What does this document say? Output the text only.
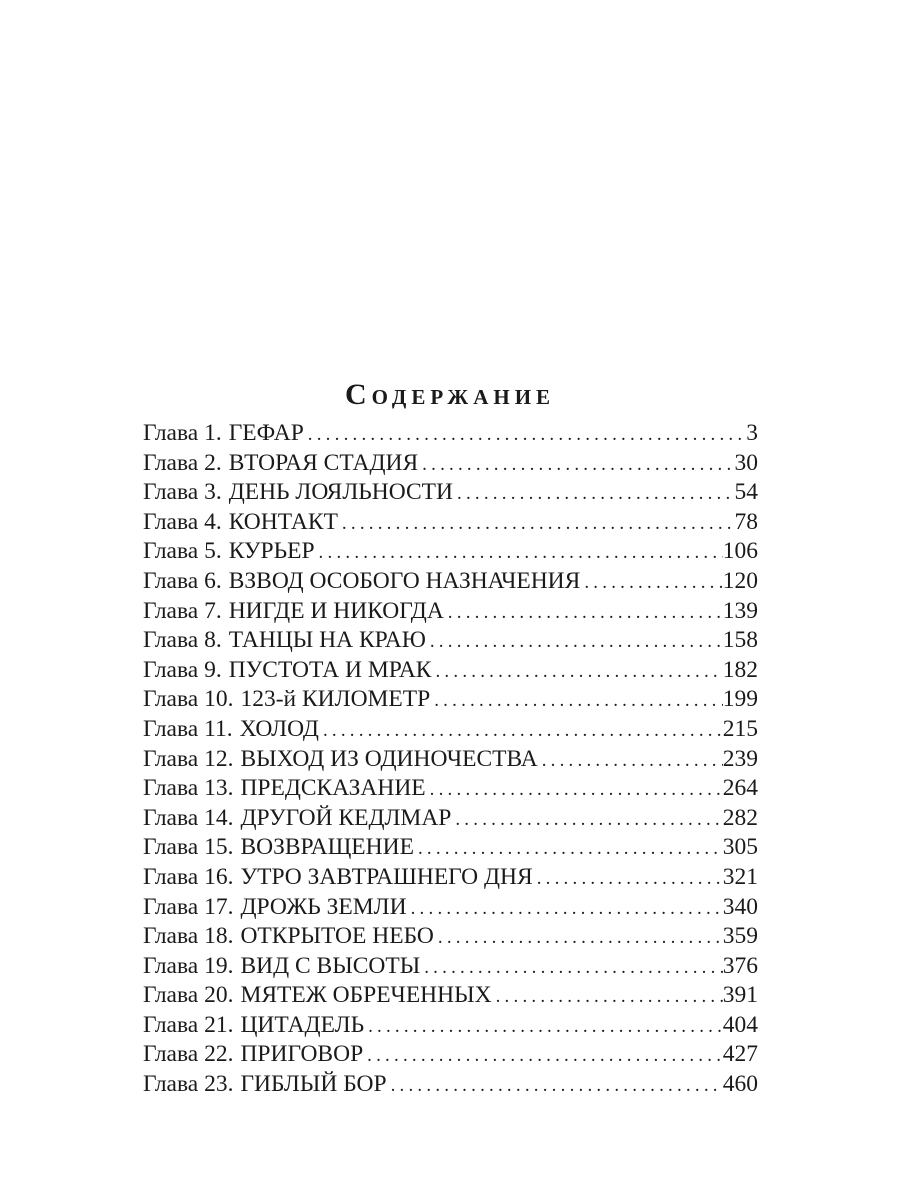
Содержание
Глава 1. ГЕФАР .....	3
Глава 2. ВТОРАЯ СТАДИЯ .....	30
Глава 3. ДЕНЬ ЛОЯЛЬНОСТИ .....	54
Глава 4. КОНТАКТ .....	78
Глава 5. КУРЬЕР .....	106
Глава 6. ВЗВОД ОСОБОГО НАЗНАЧЕНИЯ .....	120
Глава 7. НИГДЕ И НИКОГДА .....	139
Глава 8. ТАНЦЫ НА КРАЮ .....	158
Глава 9. ПУСТОТА И МРАК .....	182
Глава 10. 123-й КИЛОМЕТР .....	199
Глава 11. ХОЛОД .....	215
Глава 12. ВЫХОД ИЗ ОДИНОЧЕСТВА .....	239
Глава 13. ПРЕДСКАЗАНИЕ .....	264
Глава 14. ДРУГОЙ КЕДЛМАР .....	282
Глава 15. ВОЗВРАЩЕНИЕ .....	305
Глава 16. УТРО ЗАВТРАШНЕГО ДНЯ .....	321
Глава 17. ДРОЖЬ ЗЕМЛИ .....	340
Глава 18. ОТКРЫТОЕ НЕБО .....	359
Глава 19. ВИД С ВЫСОТЫ .....	376
Глава 20. МЯТЕЖ ОБРЕЧЕННЫХ .....	391
Глава 21. ЦИТАДЕЛЬ .....	404
Глава 22. ПРИГОВОР .....	427
Глава 23. ГИБЛЫЙ БОР .....	460
